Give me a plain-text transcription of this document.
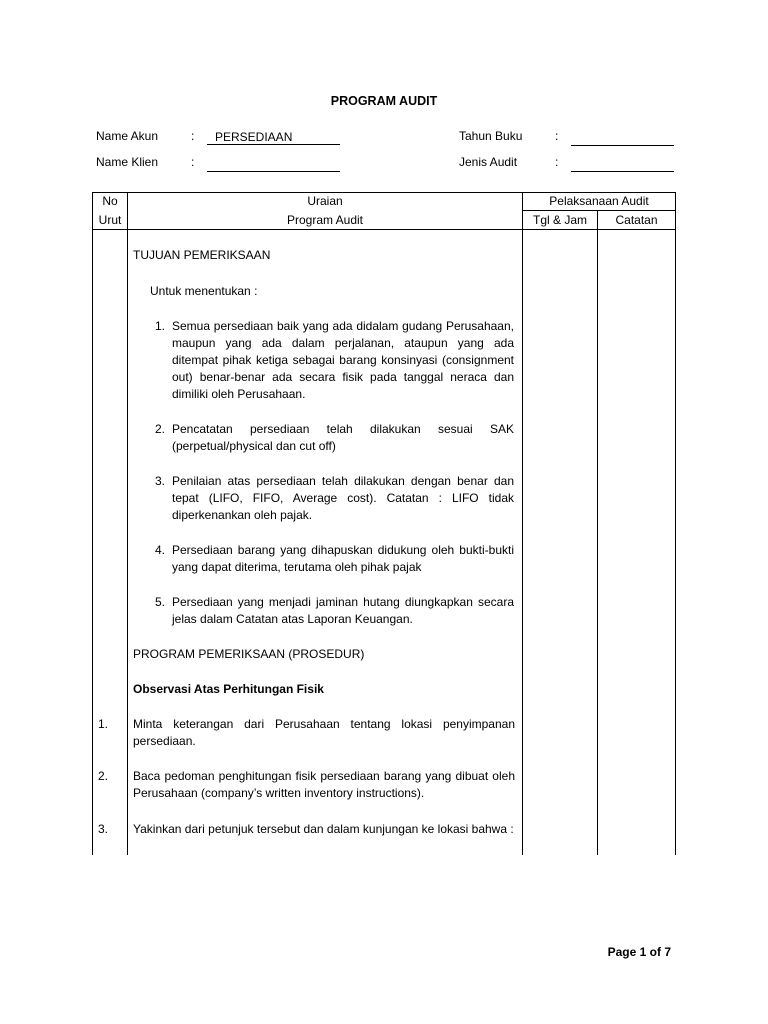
PROGRAM AUDIT
Name Akun	:	PERSEDIAAN
Name Klien	:
Tahun Buku	:
Jenis Audit	:
No
Urut
Uraian
Program Audit
Pelaksanaan Audit
Tgl & Jam	Catatan
TUJUAN PEMERIKSAAN
Untuk menentukan :
1. Semua persediaan baik yang ada didalam gudang Perusahaan, maupun yang ada dalam perjalanan, ataupun yang ada ditempat pihak ketiga sebagai barang konsinyasi (consignment out) benar-benar ada secara fisik pada tanggal neraca dan dimiliki oleh Perusahaan.
2. Pencatatan persediaan telah dilakukan sesuai SAK (perpetual/physical dan cut off)
3. Penilaian atas persediaan telah dilakukan dengan benar dan tepat (LIFO, FIFO, Average cost). Catatan : LIFO tidak diperkenankan oleh pajak.
4. Persediaan barang yang dihapuskan didukung oleh bukti-bukti yang dapat diterima, terutama oleh pihak pajak
5. Persediaan yang menjadi jaminan hutang diungkapkan secara jelas dalam Catatan atas Laporan Keuangan.
PROGRAM PEMERIKSAAN (PROSEDUR)
Observasi Atas Perhitungan Fisik
1. Minta keterangan dari Perusahaan tentang lokasi penyimpanan persediaan.
2. Baca pedoman penghitungan fisik persediaan barang yang dibuat oleh Perusahaan (company’s written inventory instructions).
3. Yakinkan dari petunjuk tersebut dan dalam kunjungan ke lokasi bahwa :
Page 1 of 7
